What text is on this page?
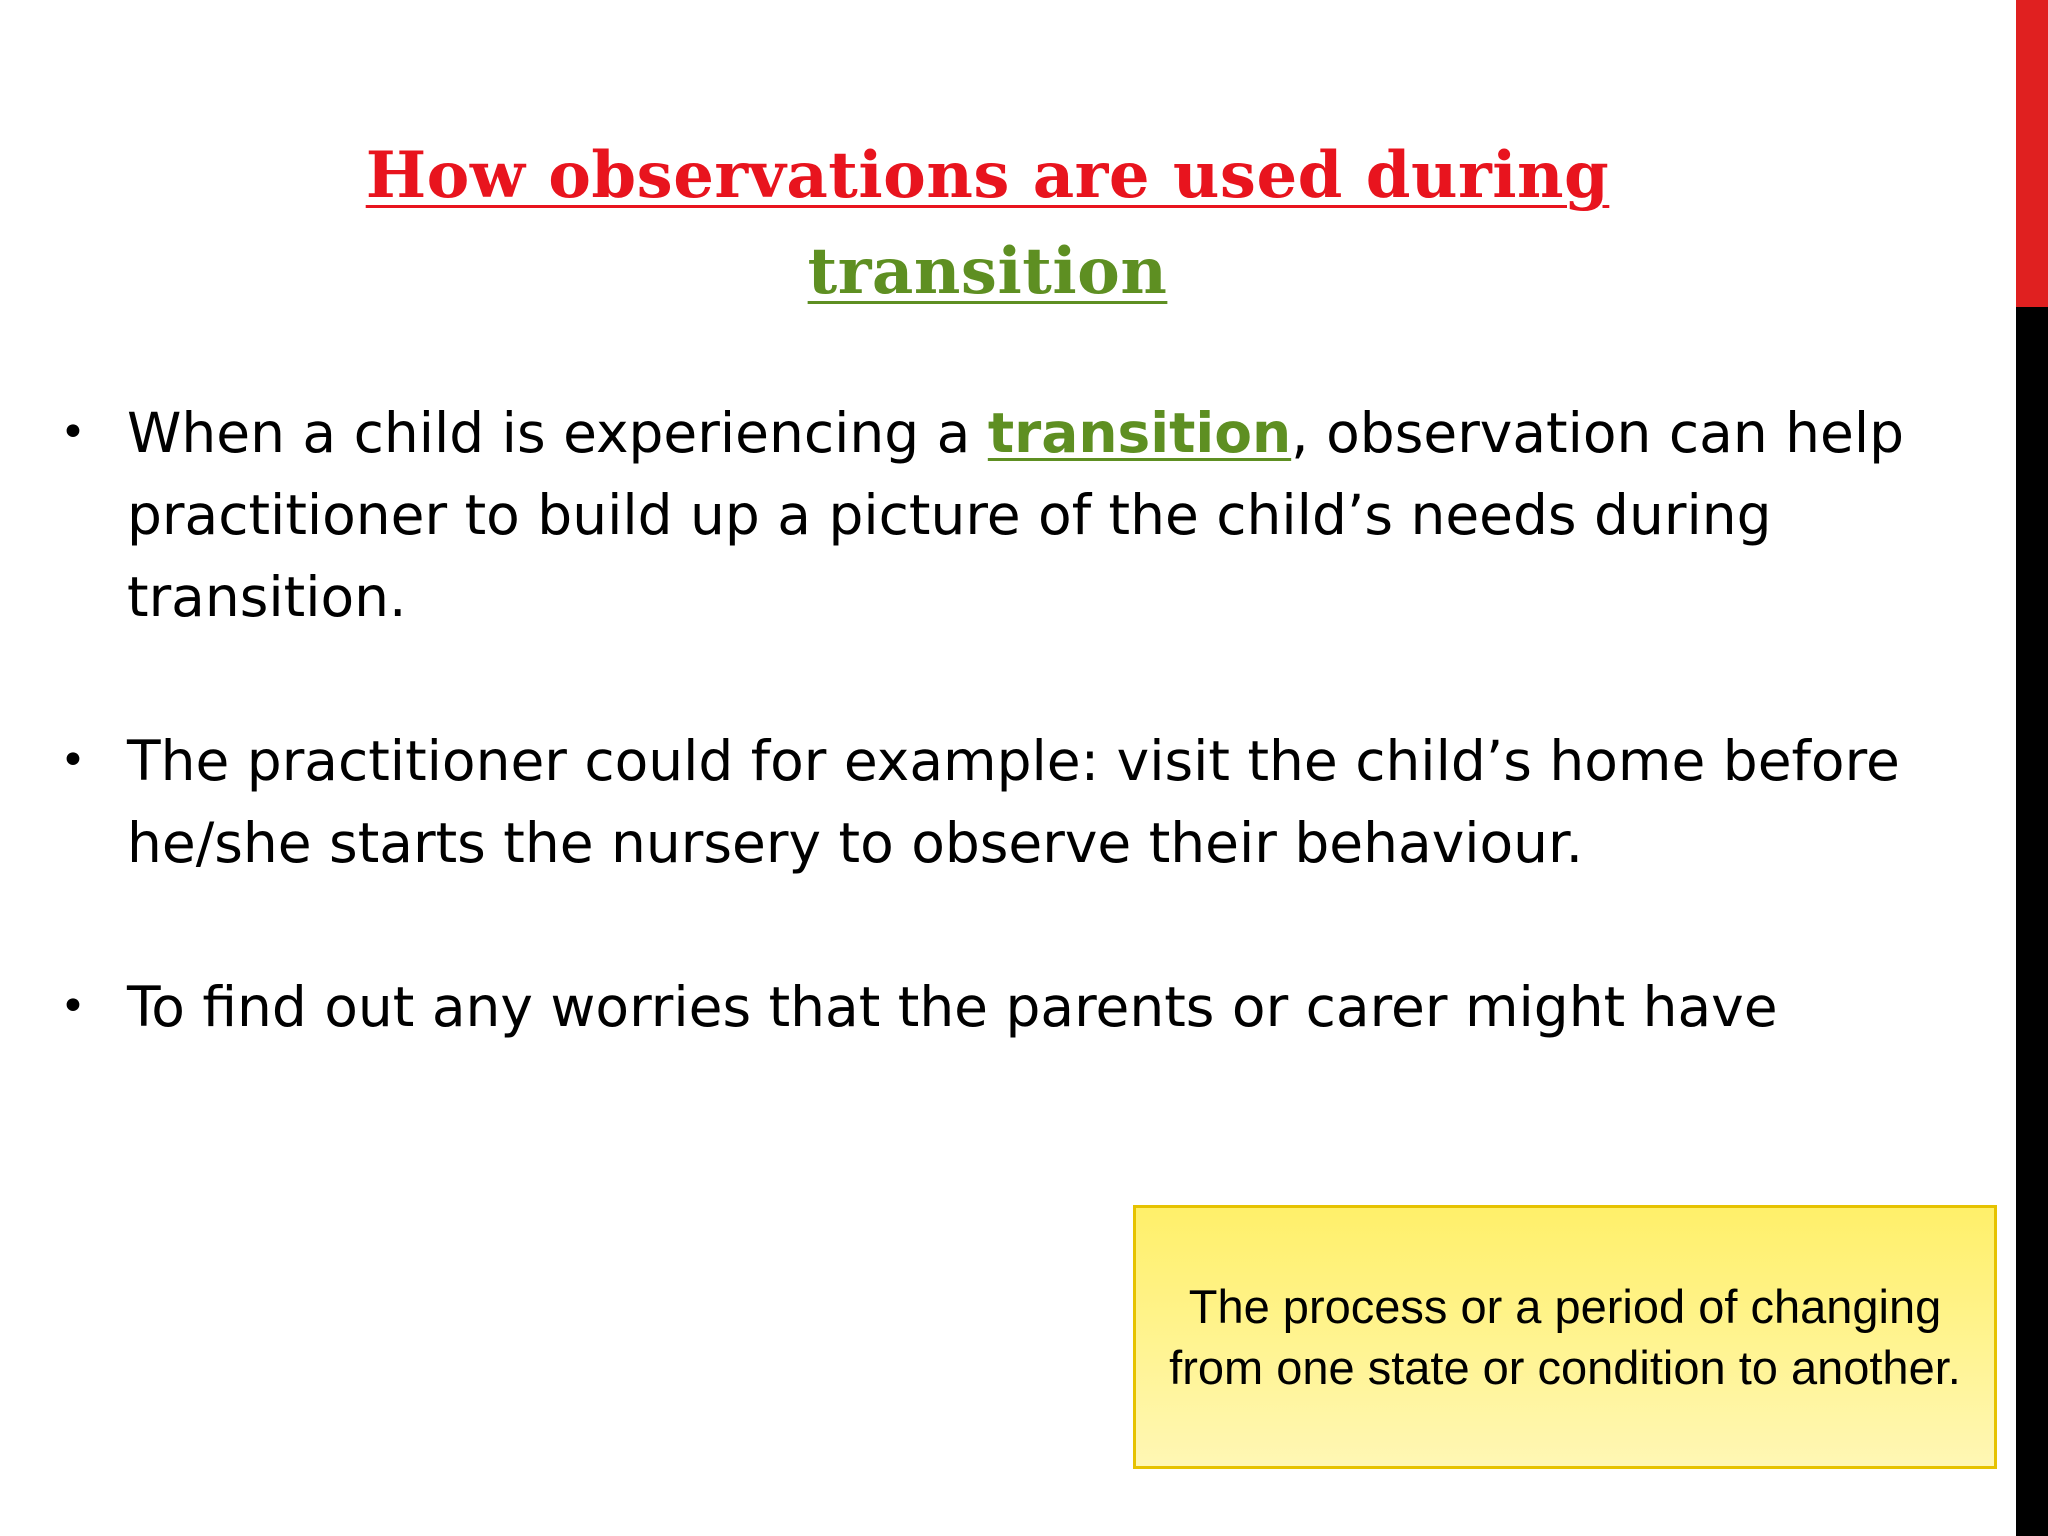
How observations are used during
transition
• When a child is experiencing a transition, observation can help practitioner to build up a picture of the child’s needs during transition.
• The practitioner could for example: visit the child’s home before he/she starts the nursery to observe their behaviour.
• To find out any worries that the parents or carer might have
The process or a period of changing from one state or condition to another.
